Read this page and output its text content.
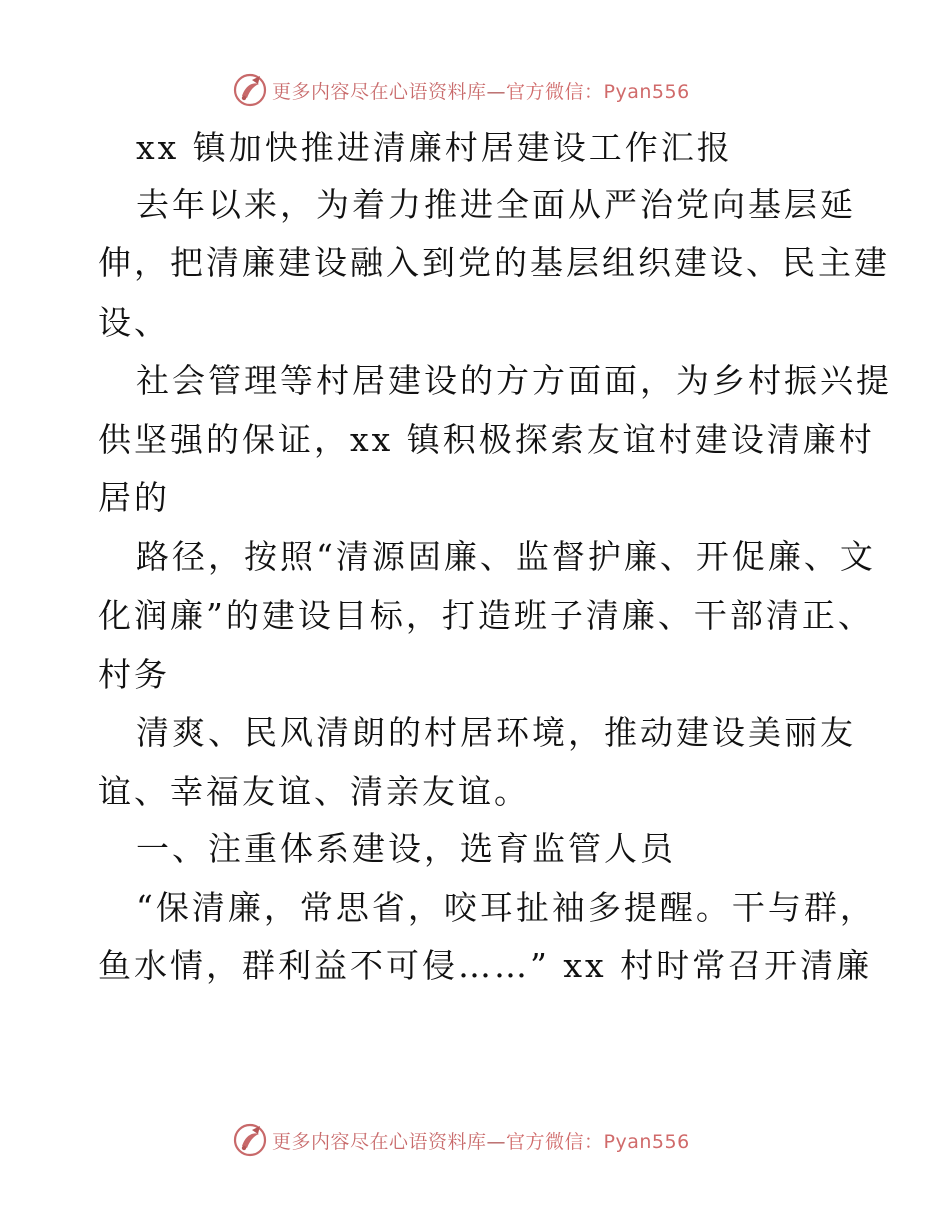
更多内容尽在心语资料库—官方微信：Pyan556
xx 镇加快推进清廉村居建设工作汇报
去年以来，为着力推进全面从严治党向基层延
伸，把清廉建设融入到党的基层组织建设、民主建
设、
社会管理等村居建设的方方面面，为乡村振兴提
供坚强的保证，xx 镇积极探索友谊村建设清廉村
居的
路径，按照“清源固廉、监督护廉、开促廉、文
化润廉”的建设目标，打造班子清廉、干部清正、
村务
清爽、民风清朗的村居环境，推动建设美丽友
谊、幸福友谊、清亲友谊。
一、注重体系建设，选育监管人员
“保清廉，常思省，咬耳扯袖多提醒。干与群，
鱼水情，群利益不可侵……” xx 村时常召开清廉
更多内容尽在心语资料库—官方微信：Pyan556
